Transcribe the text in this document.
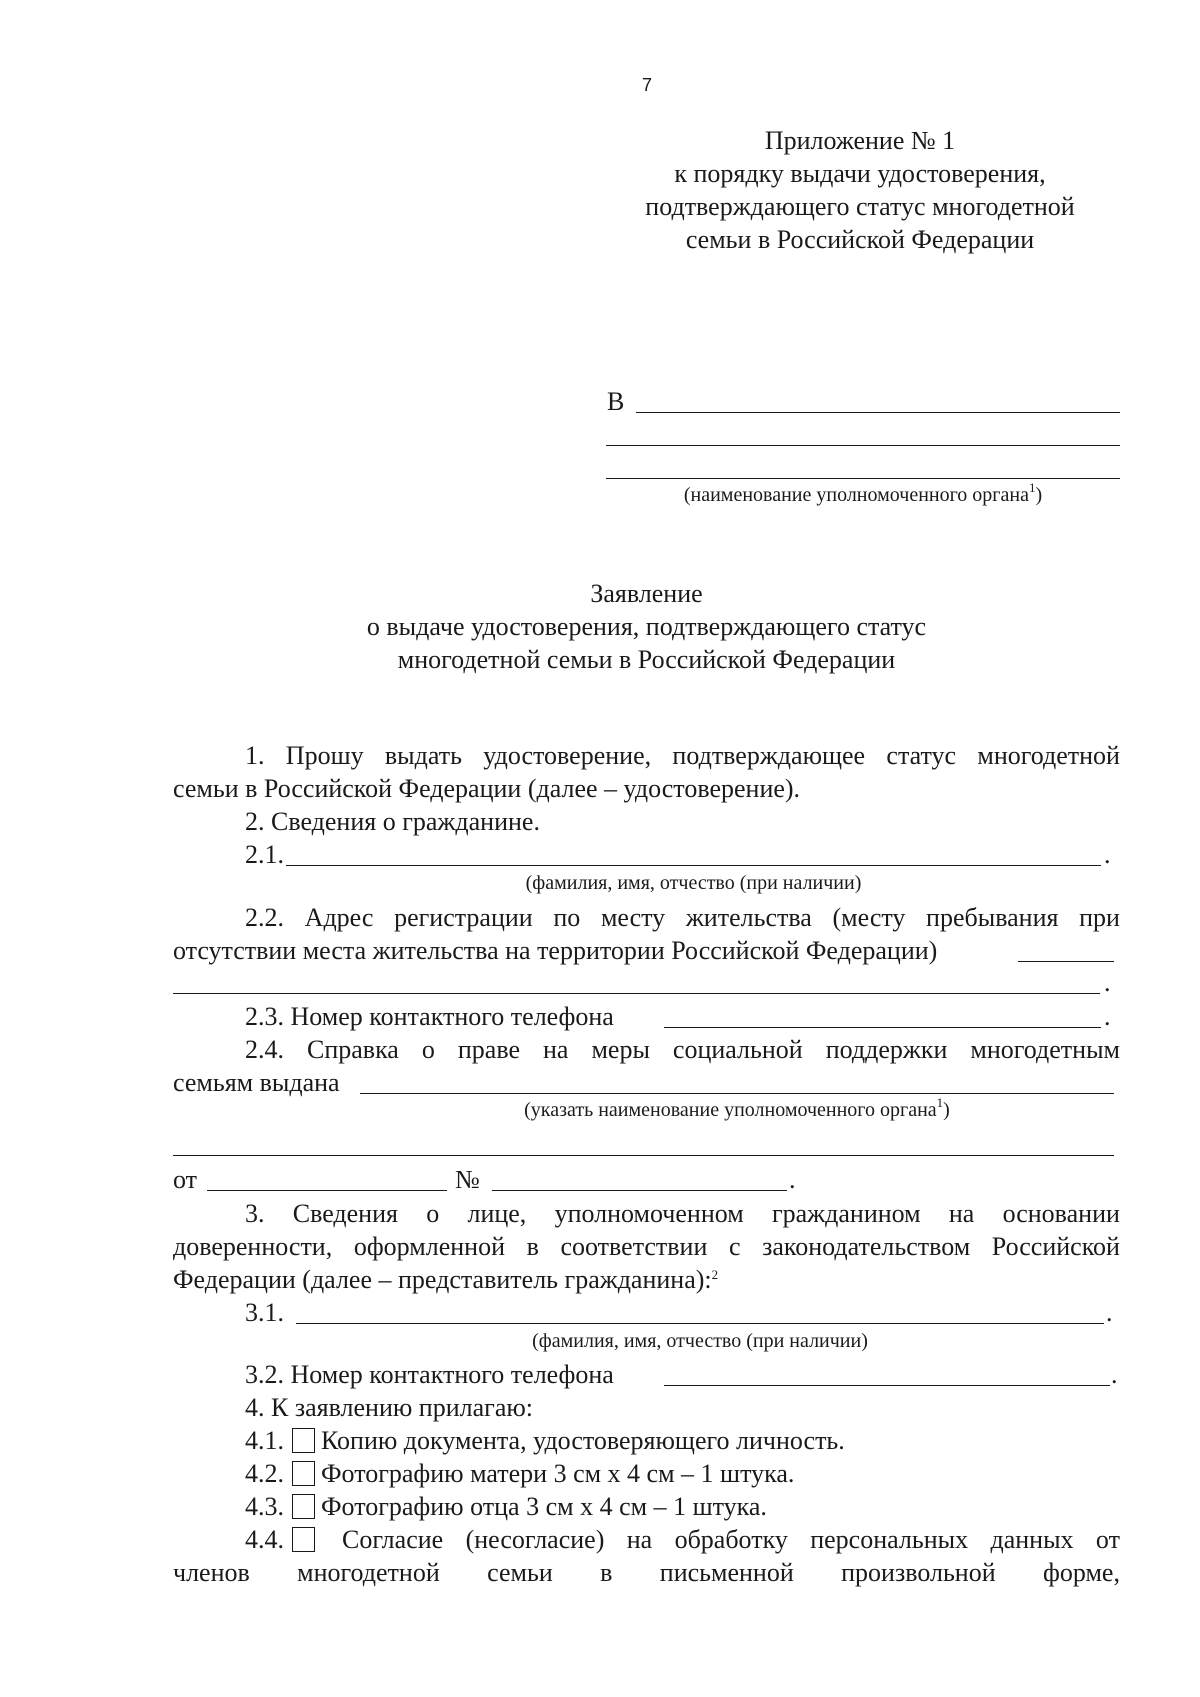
7
Приложение № 1
к порядку выдачи удостоверения,
подтверждающего статус многодетной
семьи в Российской Федерации
В
(наименование уполномоченного органа$^1$)
Заявление
о выдаче удостоверения, подтверждающего статус
многодетной семьи в Российской Федерации
1. Прошу выдать удостоверение, подтверждающее статус многодетной
семьи в Российской Федерации (далее – удостоверение).
2. Сведения о гражданине.
2.1.	.
(фамилия, имя, отчество (при наличии)
2.2. Адрес регистрации по месту жительства (месту пребывания при
отсутствии места жительства на территории Российской Федерации)
.
2.3. Номер контактного телефона	.
2.4. Справка о праве на меры социальной поддержки многодетным
семьям выдана
(указать наименование уполномоченного органа$^1$)
от	№	.
3. Сведения о лице, уполномоченном гражданином на основании
доверенности, оформленной в соответствии с законодательством Российской
Федерации (далее – представитель гражданина):$^2$
3.1.	.
(фамилия, имя, отчество (при наличии)
3.2. Номер контактного телефона	.
4. К заявлению прилагаю:
4.1. Копию документа, удостоверяющего личность.
4.2. Фотографию матери 3 см х 4 см – 1 штука.
4.3. Фотографию отца 3 см х 4 см – 1 штука.
4.4.	Согласие (несогласие) на обработку персональных данных от
членов многодетной семьи в письменной произвольной форме,
